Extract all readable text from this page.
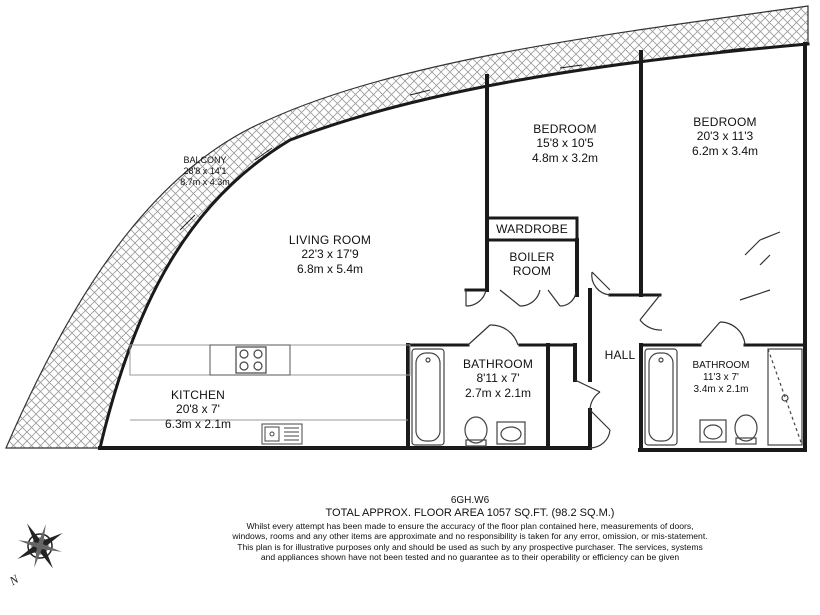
BALCONY
28'8 x 14'1
8.7m x 4.3m
LIVING ROOM
22'3 x 17'9
6.8m x 5.4m
BEDROOM
15'8 x 10'5
4.8m x 3.2m
BEDROOM
20'3 x 11'3
6.2m x 3.4m
WARDROBE
BOILER
ROOM
BATHROOM
8'11 x 7'
2.7m x 2.1m
HALL
BATHROOM
11'3 x 7'
3.4m x 2.1m
KITCHEN
20'8 x 7'
6.3m x 2.1m
6GH.W6
TOTAL APPROX. FLOOR AREA 1057 SQ.FT. (98.2 SQ.M.)
Whilst every attempt has been made to ensure the accuracy of the floor plan contained here, measurements of doors, windows, rooms and any other items are approximate and no responsibility is taken for any error, omission, or mis-statement. This plan is for illustrative purposes only and should be used as such by any prospective purchaser. The services, systems and appliances shown have not been tested and no guarantee as to their operability or efficiency can be given
N
